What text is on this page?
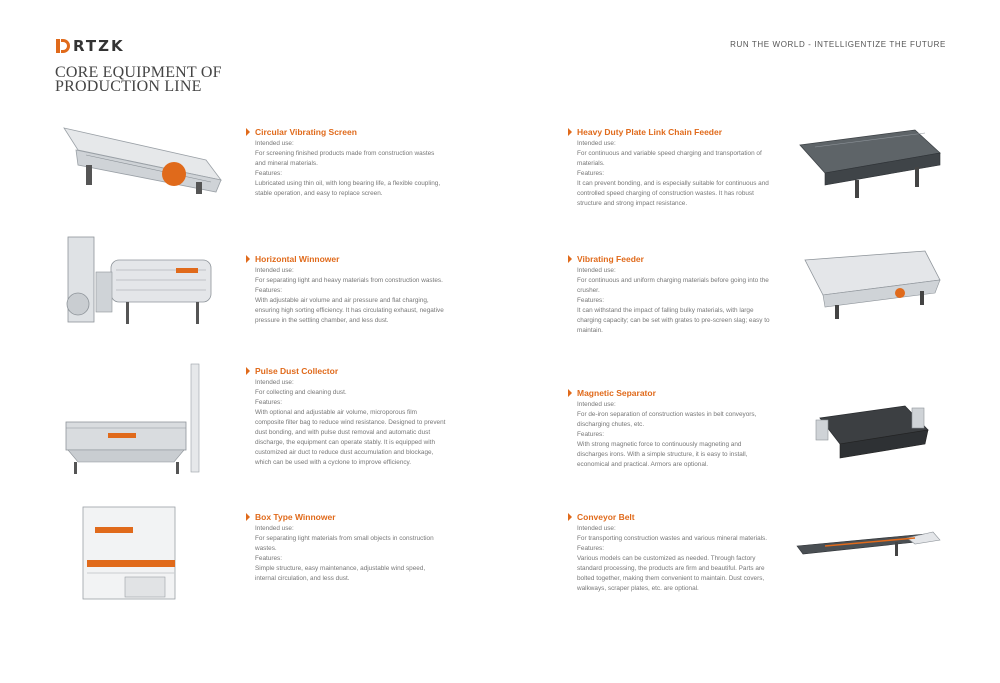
RTZK	RUN THE WORLD - INTELLIGENTIZE THE FUTURE
CORE EQUIPMENT OF
PRODUCTION LINE
Circular Vibrating Screen

Intended use:

For screening finished products made from construction wastes and mineral materials.

Features:

Lubricated using thin oil, with long bearing life, a flexible coupling, stable operation, and easy to replace screen.

Horizontal Winnower

Intended use:

For separating light and heavy materials from construction wastes.

Features:

With adjustable air volume and air pressure and flat charging, ensuring high sorting efficiency. It has circulating exhaust, negative pressure in the settling chamber, and less dust.

Pulse Dust Collector

Intended use:

For collecting and cleaning dust.

Features:

With optional and adjustable air volume, microporous film composite filter bag to reduce wind resistance. Designed to prevent dust bonding, and with pulse dust removal and automatic dust discharge, the equipment can operate stably. It is equipped with customized air duct to reduce dust accumulation and blockage, which can be used with a cyclone to improve efficiency.

Box Type Winnower

Intended use:

For separating light materials from small objects in construction wastes.

Features:

Simple structure, easy maintenance, adjustable wind speed, internal circulation, and less dust.

Heavy Duty Plate Link Chain Feeder

Intended use:

For continuous and variable speed charging and transportation of materials.

Features:

It can prevent bonding, and is especially suitable for continuous and controlled speed charging of construction wastes. It has robust structure and strong impact resistance.

Vibrating Feeder

Intended use:

For continuous and uniform charging materials before going into the crusher.

Features:

It can withstand the impact of falling bulky materials, with large charging capacity; can be set with grates to pre-screen slag; easy to maintain.

Magnetic Separator

Intended use:

For de-iron separation of construction wastes in belt conveyors, discharging chutes, etc.

Features:

With strong magnetic force to continuously magneting and discharges irons. With a simple structure, it is easy to install, economical and practical. Armors are optional.

Conveyor Belt

Intended use:

For transporting construction wastes and various mineral materials.

Features:

Various models can be customized as needed. Through factory standard processing, the products are firm and beautiful. Parts are bolted together, making them convenient to maintain. Dust covers, walkways, scraper plates, etc. are optional.
